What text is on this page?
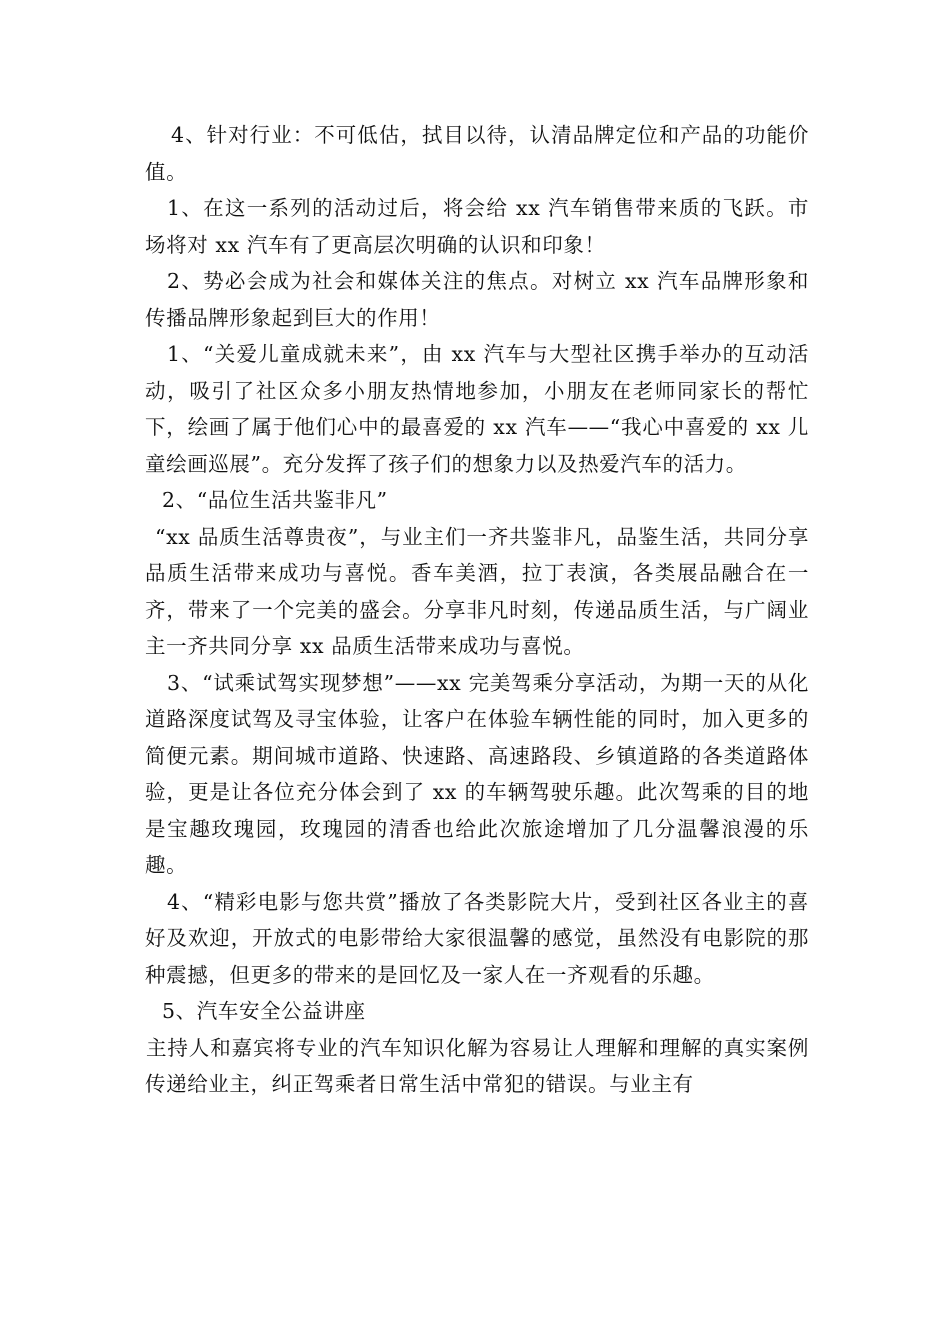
4、针对行业：不可低估，拭目以待，认清品牌定位和产品的功能价值。

1、在这一系列的活动过后，将会给 xx 汽车销售带来质的飞跃。市场将对 xx 汽车有了更高层次明确的认识和印象！

2、势必会成为社会和媒体关注的焦点。对树立 xx 汽车品牌形象和传播品牌形象起到巨大的作用！

1、“关爱儿童成就未来”，由 xx 汽车与大型社区携手举办的互动活动，吸引了社区众多小朋友热情地参加，小朋友在老师同家长的帮忙下，绘画了属于他们心中的最喜爱的 xx 汽车——“我心中喜爱的 xx 儿童绘画巡展”。充分发挥了孩子们的想象力以及热爱汽车的活力。

2、“品位生活共鉴非凡”

“xx 品质生活尊贵夜”，与业主们一齐共鉴非凡，品鉴生活，共同分享品质生活带来成功与喜悦。香车美酒，拉丁表演，各类展品融合在一齐，带来了一个完美的盛会。分享非凡时刻，传递品质生活，与广阔业主一齐共同分享 xx 品质生活带来成功与喜悦。

3、“试乘试驾实现梦想”——xx 完美驾乘分享活动，为期一天的从化道路深度试驾及寻宝体验，让客户在体验车辆性能的同时，加入更多的简便元素。期间城市道路、快速路、高速路段、乡镇道路的各类道路体验，更是让各位充分体会到了 xx 的车辆驾驶乐趣。此次驾乘的目的地是宝趣玫瑰园，玫瑰园的清香也给此次旅途增加了几分温馨浪漫的乐趣。

4、“精彩电影与您共赏”播放了各类影院大片，受到社区各业主的喜好及欢迎，开放式的电影带给大家很温馨的感觉，虽然没有电影院的那种震撼，但更多的带来的是回忆及一家人在一齐观看的乐趣。

5、汽车安全公益讲座

主持人和嘉宾将专业的汽车知识化解为容易让人理解和理解的真实案例传递给业主，纠正驾乘者日常生活中常犯的错误。与业主有
